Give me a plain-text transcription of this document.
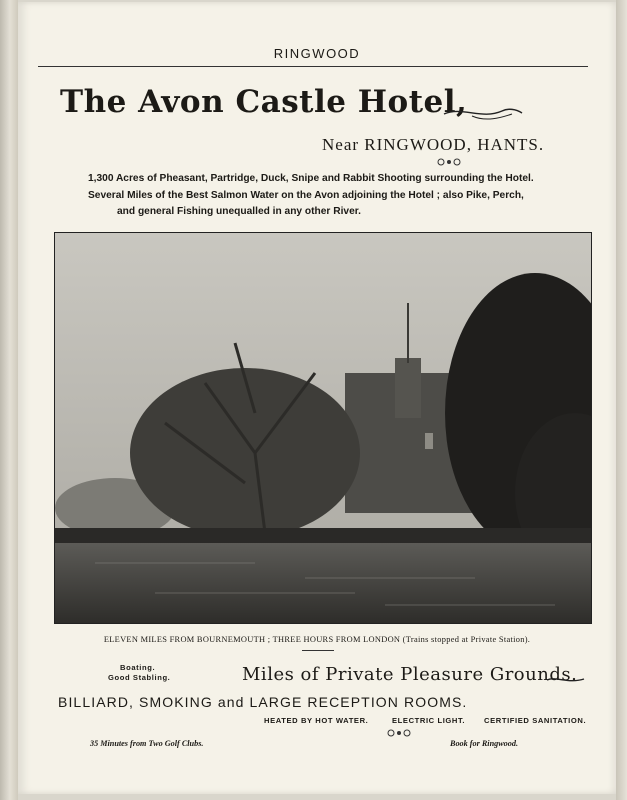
RINGWOOD
The Avon Castle Hotel,
Near RINGWOOD, HANTS.
1,300 Acres of Pheasant, Partridge, Duck, Snipe and Rabbit Shooting surrounding the Hotel.
Several Miles of the Best Salmon Water on the Avon adjoining the Hotel ; also Pike, Perch,
and general Fishing unequalled in any other River.
ELEVEN MILES FROM BOURNEMOUTH ; THREE HOURS FROM LONDON (Trains stopped at Private Station).
Boating.
Good Stabling.	Miles of Private Pleasure Grounds.
BILLIARD, SMOKING and LARGE RECEPTION ROOMS.
HEATED BY HOT WATER.	ELECTRIC LIGHT. CERTIFIED SANITATION.
35 Minutes from Two Golf Clubs.	Book for Ringwood.
